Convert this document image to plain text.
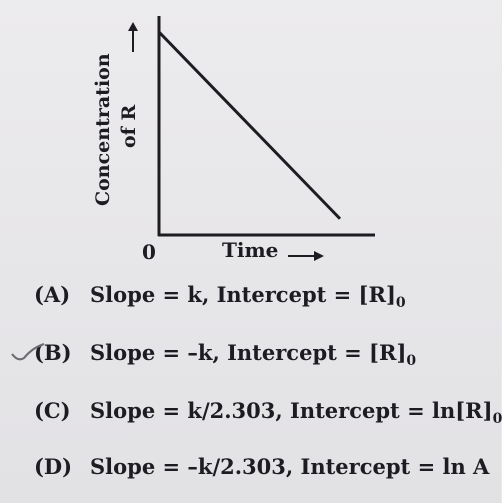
Concentration of R
0	Time
(A) Slope = k, Intercept = $[R]_0$
(B) Slope = –k, Intercept = $[R]_0$
(C) Slope = k/2.303, Intercept = $\ln[R]_0$
(D) Slope = –k/2.303, Intercept = ln A
